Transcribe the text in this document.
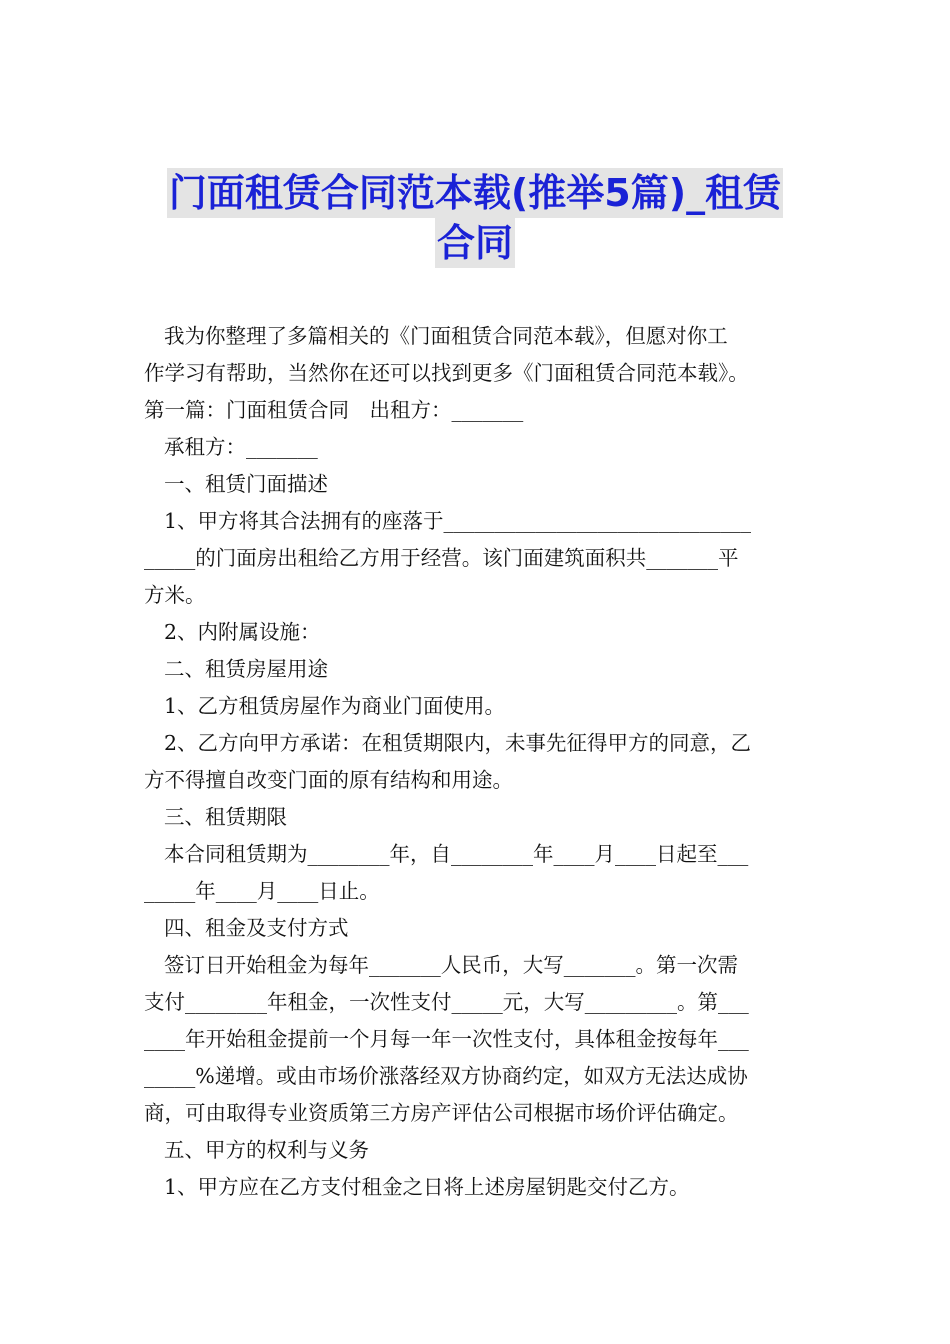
门面租赁合同范本载(推举5篇)_租赁
合同

我为你整理了多篇相关的《门面租赁合同范本载》，但愿对你工

作学习有帮助，当然你在还可以找到更多《门面租赁合同范本载》。

第一篇：门面租赁合同　出租方：_______

承租方：_______

一、租赁门面描述

1、甲方将其合法拥有的座落于______________________________

_____的门面房出租给乙方用于经营。该门面建筑面积共_______平

方米。

2、内附属设施：

二、租赁房屋用途

1、乙方租赁房屋作为商业门面使用。

2、乙方向甲方承诺：在租赁期限内，未事先征得甲方的同意，乙

方不得擅自改变门面的原有结构和用途。

三、租赁期限

本合同租赁期为________年，自________年____月____日起至___

_____年____月____日止。

四、租金及支付方式

签订日开始租金为每年_______人民币，大写_______。第一次需

支付________年租金，一次性支付_____元，大写_________。第___

____年开始租金提前一个月每一年一次性支付，具体租金按每年___

_____%递增。或由市场价涨落经双方协商约定，如双方无法达成协

商，可由取得专业资质第三方房产评估公司根据市场价评估确定。

五、甲方的权利与义务

1、甲方应在乙方支付租金之日将上述房屋钥匙交付乙方。
